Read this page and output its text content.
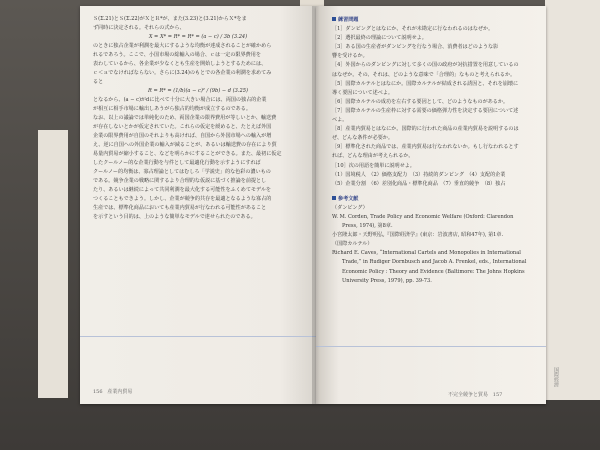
国際經濟

Ｓ(Σ.21)とＳ(Σ.22)がＸとＲ*が、また(3.23)と(3.21)からＸ*をま

ず同時に決定される。それらの式から、

X = X* = R* = R* = (a − c) / 3b (3.24)

のときに独占企業が利潤を最大にするような均衡が達成されることが確かめら

れるであろう。ここで、小国市場の総輸入の場合、ｃは一定の限界費用を

表わしているから、各企業が少なくとも生産を開始しようとするためには、

ｃ＜ａでなければならない。さらに(3.24)のもとでの各企業の利潤を求めてみ

ると

R = R* = (1/b)(a − c)² / (9b) − d (3.25)

となるから、(a − c)がdに比べて十分に大きい場合には、両国の独占的企業

が相互に相手市場に輸出しあうがら独占的均衡が成立するのである。

なお、以上の議論では単純化のため、両国企業の限界費用が等しいとか、輸送費

が存在しないとかが仮定されていた。これらの仮定を緩めると、たとえば外国

企業の限界費用が自国のそれよりも高ければ、自国から外国市場への輸入が増

え、逆に自国への外国企業の輸入が減ることが、あるいは輸送費の存在により貿

易量内貿易が縮小すること、などを明らかにすることができる。また、最初に仮定

したクールノー的な企業行動を与件として最適化行動を示すようにすれば

クールノー的均衡は、寡占理論としてはむしろ「学説史」的な色彩の濃いもの

である。競争企業の戦略に関するより合理的な仮説に基づく推論を前提とし

たり、あるいは継続によって共同利潤を最大化する可能性をふくめてモデルを

つくることもできよう。しかし、企業が競争的共存を最適となるような寡占的

生産では、標準化商品においても産業内貿易が行なわれる可能性があること

を示すという目的は、上のような簡単なモデルで達せられたのである。

156 産業内貿易

練習問題

［1］ダンピングとはなにか、それが未勘定に行なわれるのはなぜか。

［2］選択最終の理論について説明せよ。

［3］ある国の生産者がダンピングを行なう場合、消費者はどのような影

響を受けるか。

［4］外国からのダンピングに対して多くの国の政府が対抗措置を用意しているの

はなぜか。その、それは、どのような意味で「合理的」なものと考えられるか。

［5］国際カルテルとはなにか。国際カルテルが結成される誘因と、それを崩壊に

導く要因について述べよ。

［6］国際カルテルの成功を左右する要因として、どのようなものがあるか。

［7］国際カルテルの生産枠に対する需要の価格弾力性を決定する要因について述

べよ。

［8］産業内貿易とはなにか。国際的に行われた商品の産業内貿易を説明するのは

ぜ、どんな条件が必要か。

［9］標準化された商品では、産業内貿易は行なわれないか。もし行なわれるとす

れば、どんな理由が考えられるか。

［10］次の用語を簡単に説明せよ。

（1）国境税人　（2）価格支配力　（3）持続的ダンピング　（4）支配的企業

（5）企業分割　（6）差別化商品・標準化商品　（7）垂直的競争　（8）独占

参考文献

（ダンピング）

W. M. Corden, Trade Policy and Economic Welfare (Oxford: Clarendon

Press, 1974), 第8章.

小宮隆太郎・天野明弘,『国際経済学』(東京：岩波書店, 昭和47年), 第1章.

（国際カルテル）

Richard E. Caves, “International Cartels and Monopolies in International

Trade,” in Rudiger Dornbusch and Jacob A. Frenkel, eds., International

Economic Policy : Theory and Evidence (Baltimore: The Johns Hopkins

University Press, 1979), pp. 39-73.

不完全競争と貿易 157
